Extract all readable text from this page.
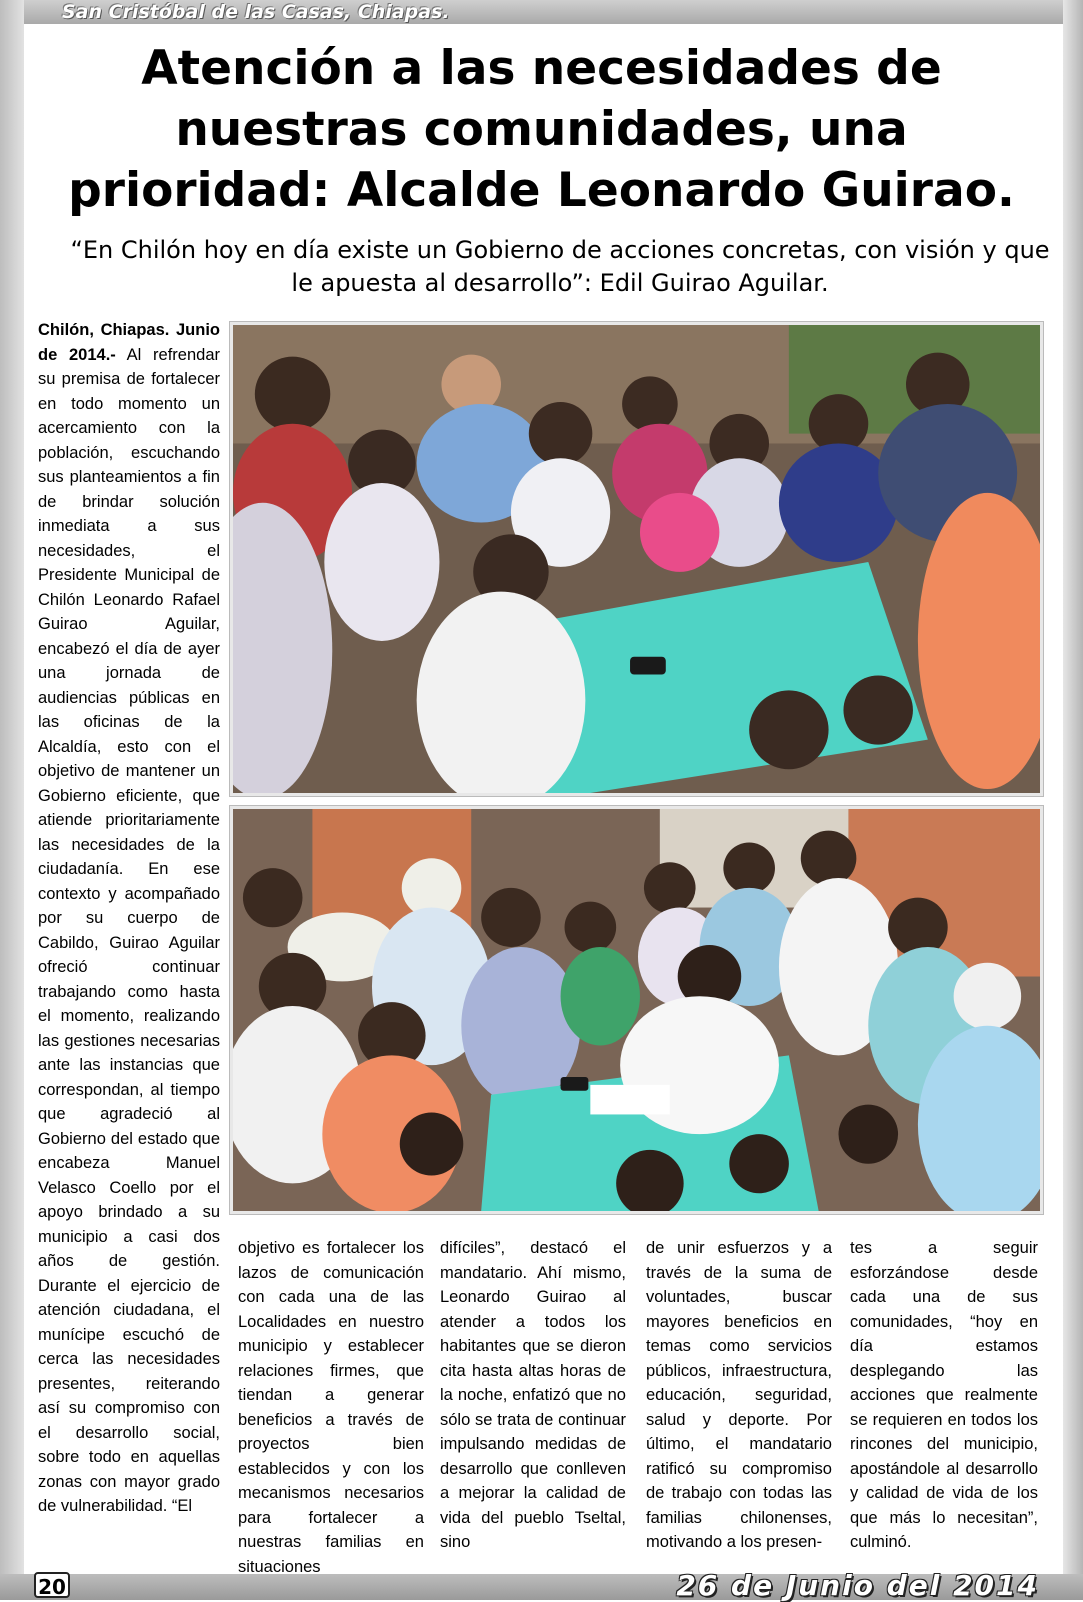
San Cristóbal de las Casas, Chiapas.

Atención a las necesidades de nuestras comunidades, una prioridad: Alcalde Leonardo Guirao.

“En Chilón hoy en día existe un Gobierno de acciones concretas, con visión y que le apuesta al desarrollo”: Edil Guirao Aguilar.

Chilón, Chiapas. Junio de 2014.- Al refrendar su premisa de fortalecer en todo momento un acercamiento con la población, escuchando sus planteamientos a fin de brindar solución inmediata a sus necesidades, el Presidente Municipal de Chilón Leonardo Rafael Guirao Aguilar, encabezó el día de ayer una jornada de audiencias públicas en las oficinas de la Alcaldía, esto con el objetivo de mantener un Gobierno eficiente, que atiende prioritariamente las necesidades de la ciudadanía. En ese contexto y acompañado por su cuerpo de Cabildo, Guirao Aguilar ofreció continuar trabajando como hasta el momento, realizando las gestiones necesarias ante las instancias que correspondan, al tiempo que agradeció al Gobierno del estado que encabeza Manuel Velasco Coello por el apoyo brindado a su municipio a casi dos años de gestión. Durante el ejercicio de atención ciudadana, el munícipe escuchó de cerca las necesidades presentes, reiterando así su compromiso con el desarrollo social, sobre todo en aquellas zonas con mayor grado de vulnerabilidad. “El

objetivo es fortalecer los lazos de comunicación con cada una de las Localidades en nuestro municipio y establecer relaciones firmes, que tiendan a generar beneficios a través de proyectos bien establecidos y con los mecanismos necesarios para fortalecer a nuestras familias en situaciones

difíciles”, destacó el mandatario. Ahí mismo, Leonardo Guirao al atender a todos los habitantes que se dieron cita hasta altas horas de la noche, enfatizó que no sólo se trata de continuar impulsando medidas de desarrollo que conlleven a mejorar la calidad de vida del pueblo Tseltal, sino

de unir esfuerzos y a través de la suma de voluntades, buscar mayores beneficios en temas como servicios públicos, infraestructura, educación, seguridad, salud y deporte. Por último, el mandatario ratificó su compromiso de trabajo con todas las familias chilonenses, motivando a los presen-

tes a seguir esforzándose desde cada una de sus comunidades, “hoy en día estamos desplegando las acciones que realmente se requieren en todos los rincones del municipio, apostándole al desarrollo y calidad de vida de los que más lo necesitan”, culminó.

20	26 de Junio del 2014
